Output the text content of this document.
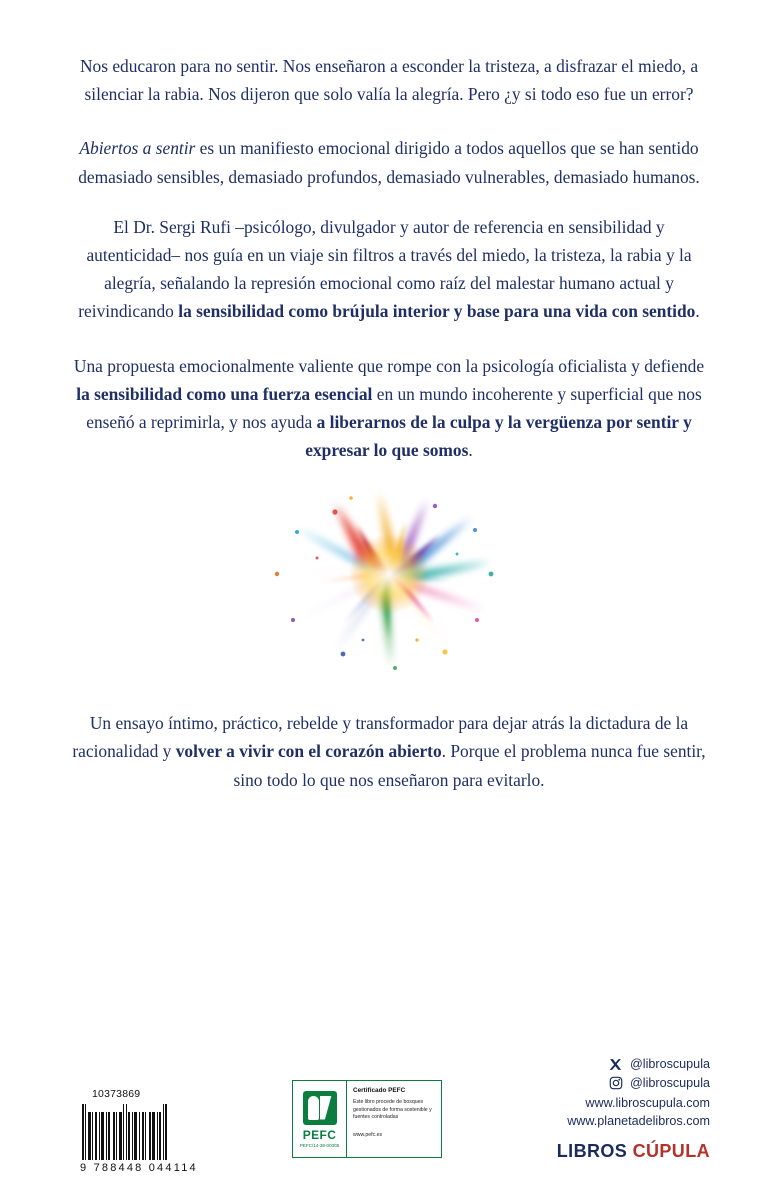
Nos educaron para no sentir. Nos enseñaron a esconder la tristeza, a disfrazar el miedo, a silenciar la rabia. Nos dijeron que solo valía la alegría. Pero ¿y si todo eso fue un error?

Abiertos a sentir es un manifiesto emocional dirigido a todos aquellos que se han sentido demasiado sensibles, demasiado profundos, demasiado vulnerables, demasiado humanos.

El Dr. Sergi Rufi –psicólogo, divulgador y autor de referencia en sensibilidad y autenticidad– nos guía en un viaje sin filtros a través del miedo, la tristeza, la rabia y la alegría, señalando la represión emocional como raíz del malestar humano actual y reivindicando la sensibilidad como brújula interior y base para una vida con sentido.

Una propuesta emocionalmente valiente que rompe con la psicología oficialista y defiende la sensibilidad como una fuerza esencial en un mundo incoherente y superficial que nos enseñó a reprimirla, y nos ayuda a liberarnos de la culpa y la vergüenza por sentir y expresar lo que somos.

Un ensayo íntimo, práctico, rebelde y transformador para dejar atrás la dictadura de la racionalidad y volver a vivir con el corazón abierto. Porque el problema nunca fue sentir, sino todo lo que nos enseñaron para evitarlo.

10373869
9 788448 044114
PEFC
PEFC/14-38-00305
Certificado PEFC
Este libro procede de bosques gestionados de forma sostenible y fuentes controladas
www.pefc.es
@libroscupula
@libroscupula
www.libroscupula.com
www.planetadelibros.com
LIBROS CÚPULA
